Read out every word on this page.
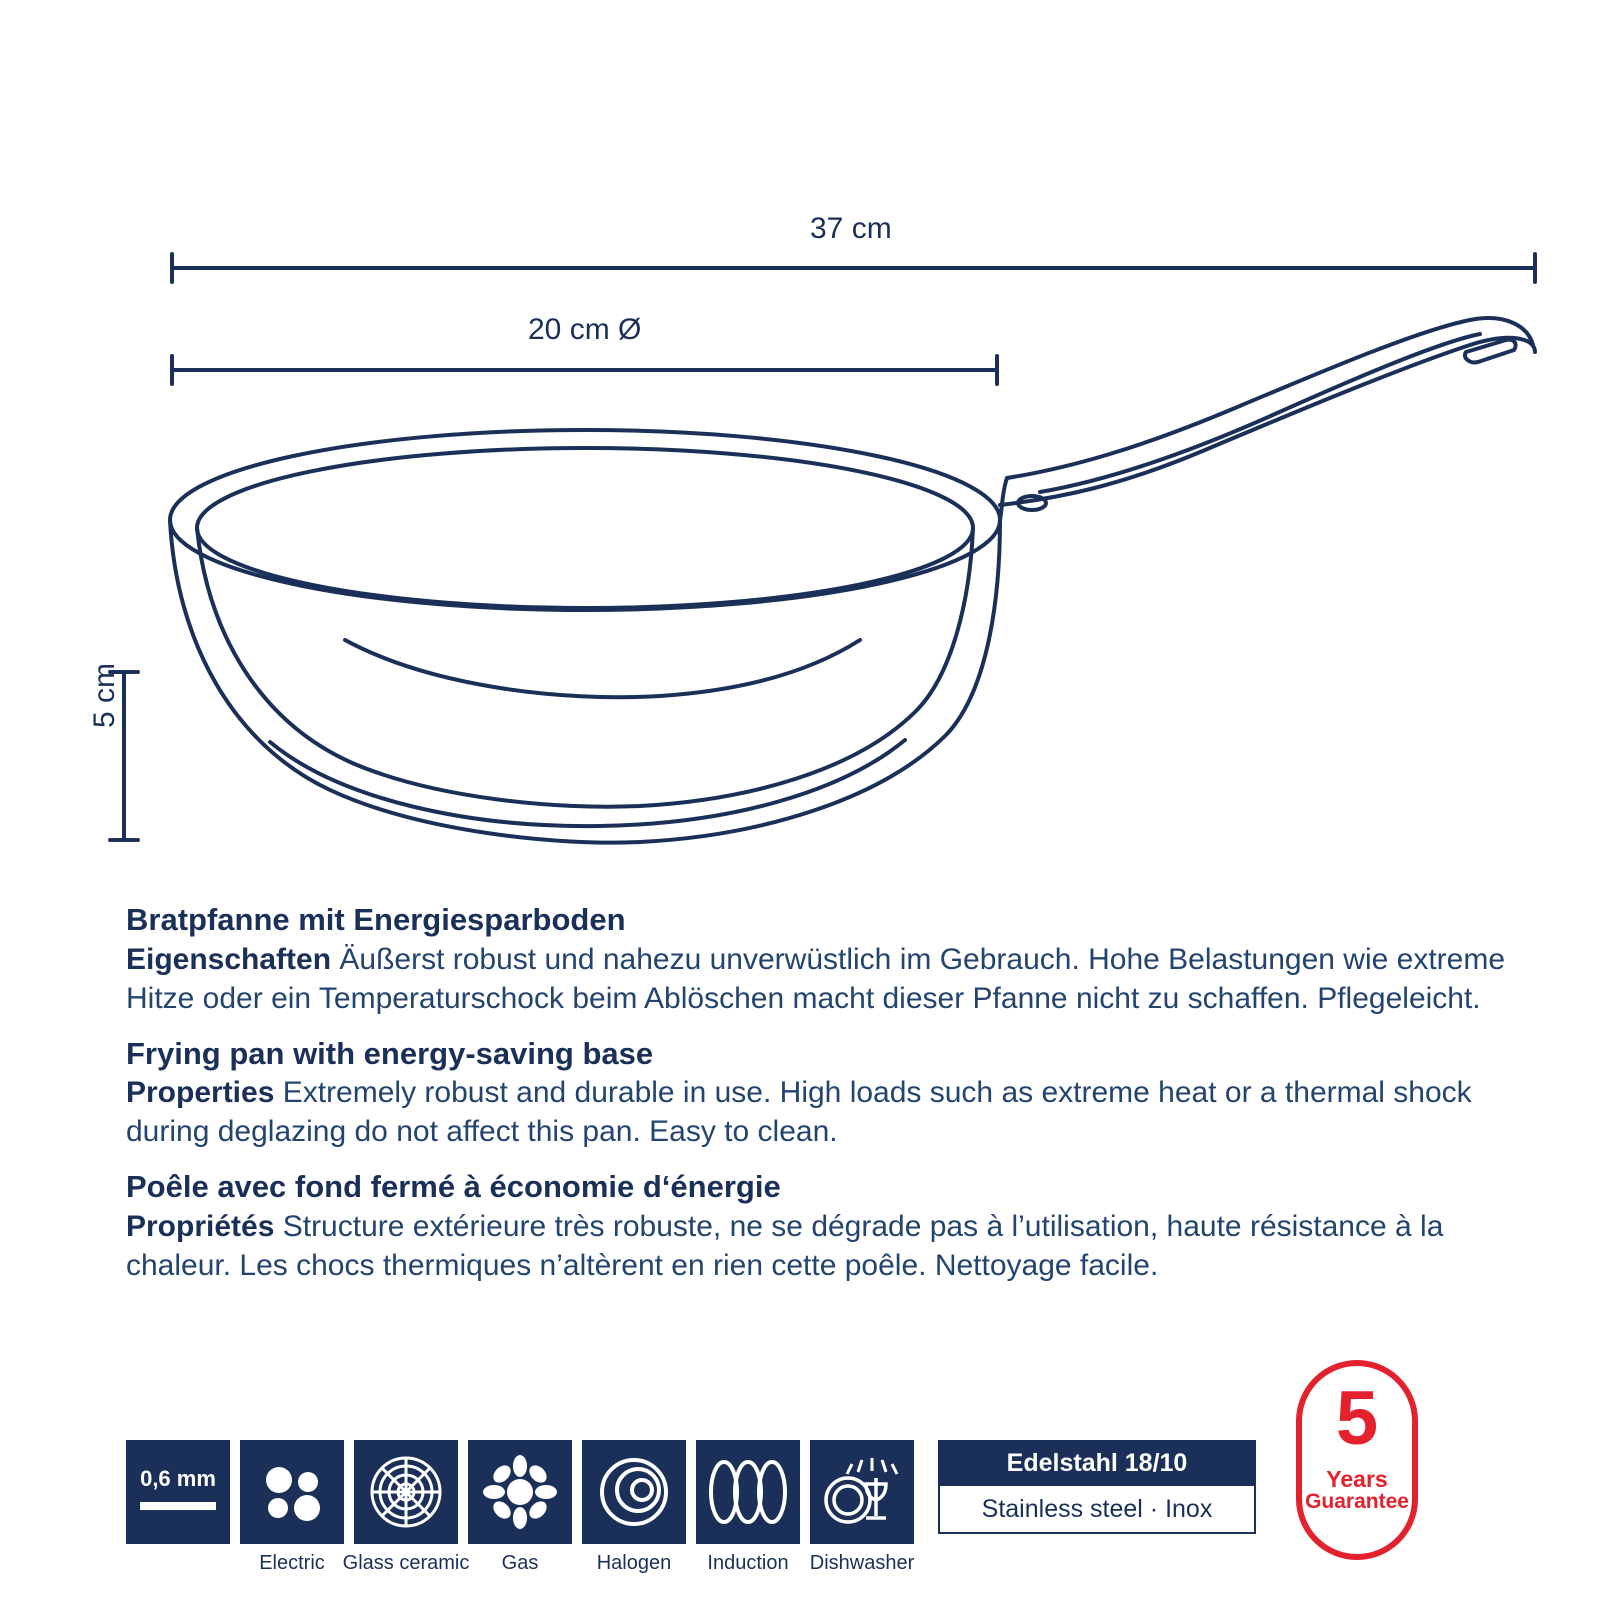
37 cm
20 cm Ø
5 cm
Bratpfanne mit Energiesparboden

Eigenschaften Äußerst robust und nahezu unverwüstlich im Gebrauch. Hohe Belastungen wie extreme Hitze oder ein Temperaturschock beim Ablöschen macht dieser Pfanne nicht zu schaffen. Pflegeleicht.

Frying pan with energy-saving base

Properties Extremely robust and durable in use. High loads such as extreme heat or a thermal shock during deglazing do not affect this pan. Easy to clean.

Poêle avec fond fermé à économie d‘énergie

Propriétés Structure extérieure très robuste, ne se dégrade pas à l’utilisation, haute résistance à la chaleur. Les chocs thermiques n’altèrent en rien cette poêle. Nettoyage facile.

0,6 mm
Electric Glass ceramic Gas	Halogen Induction Dishwasher
Edelstahl 18/10
Stainless steel · Inox
5
Years
Guarantee
